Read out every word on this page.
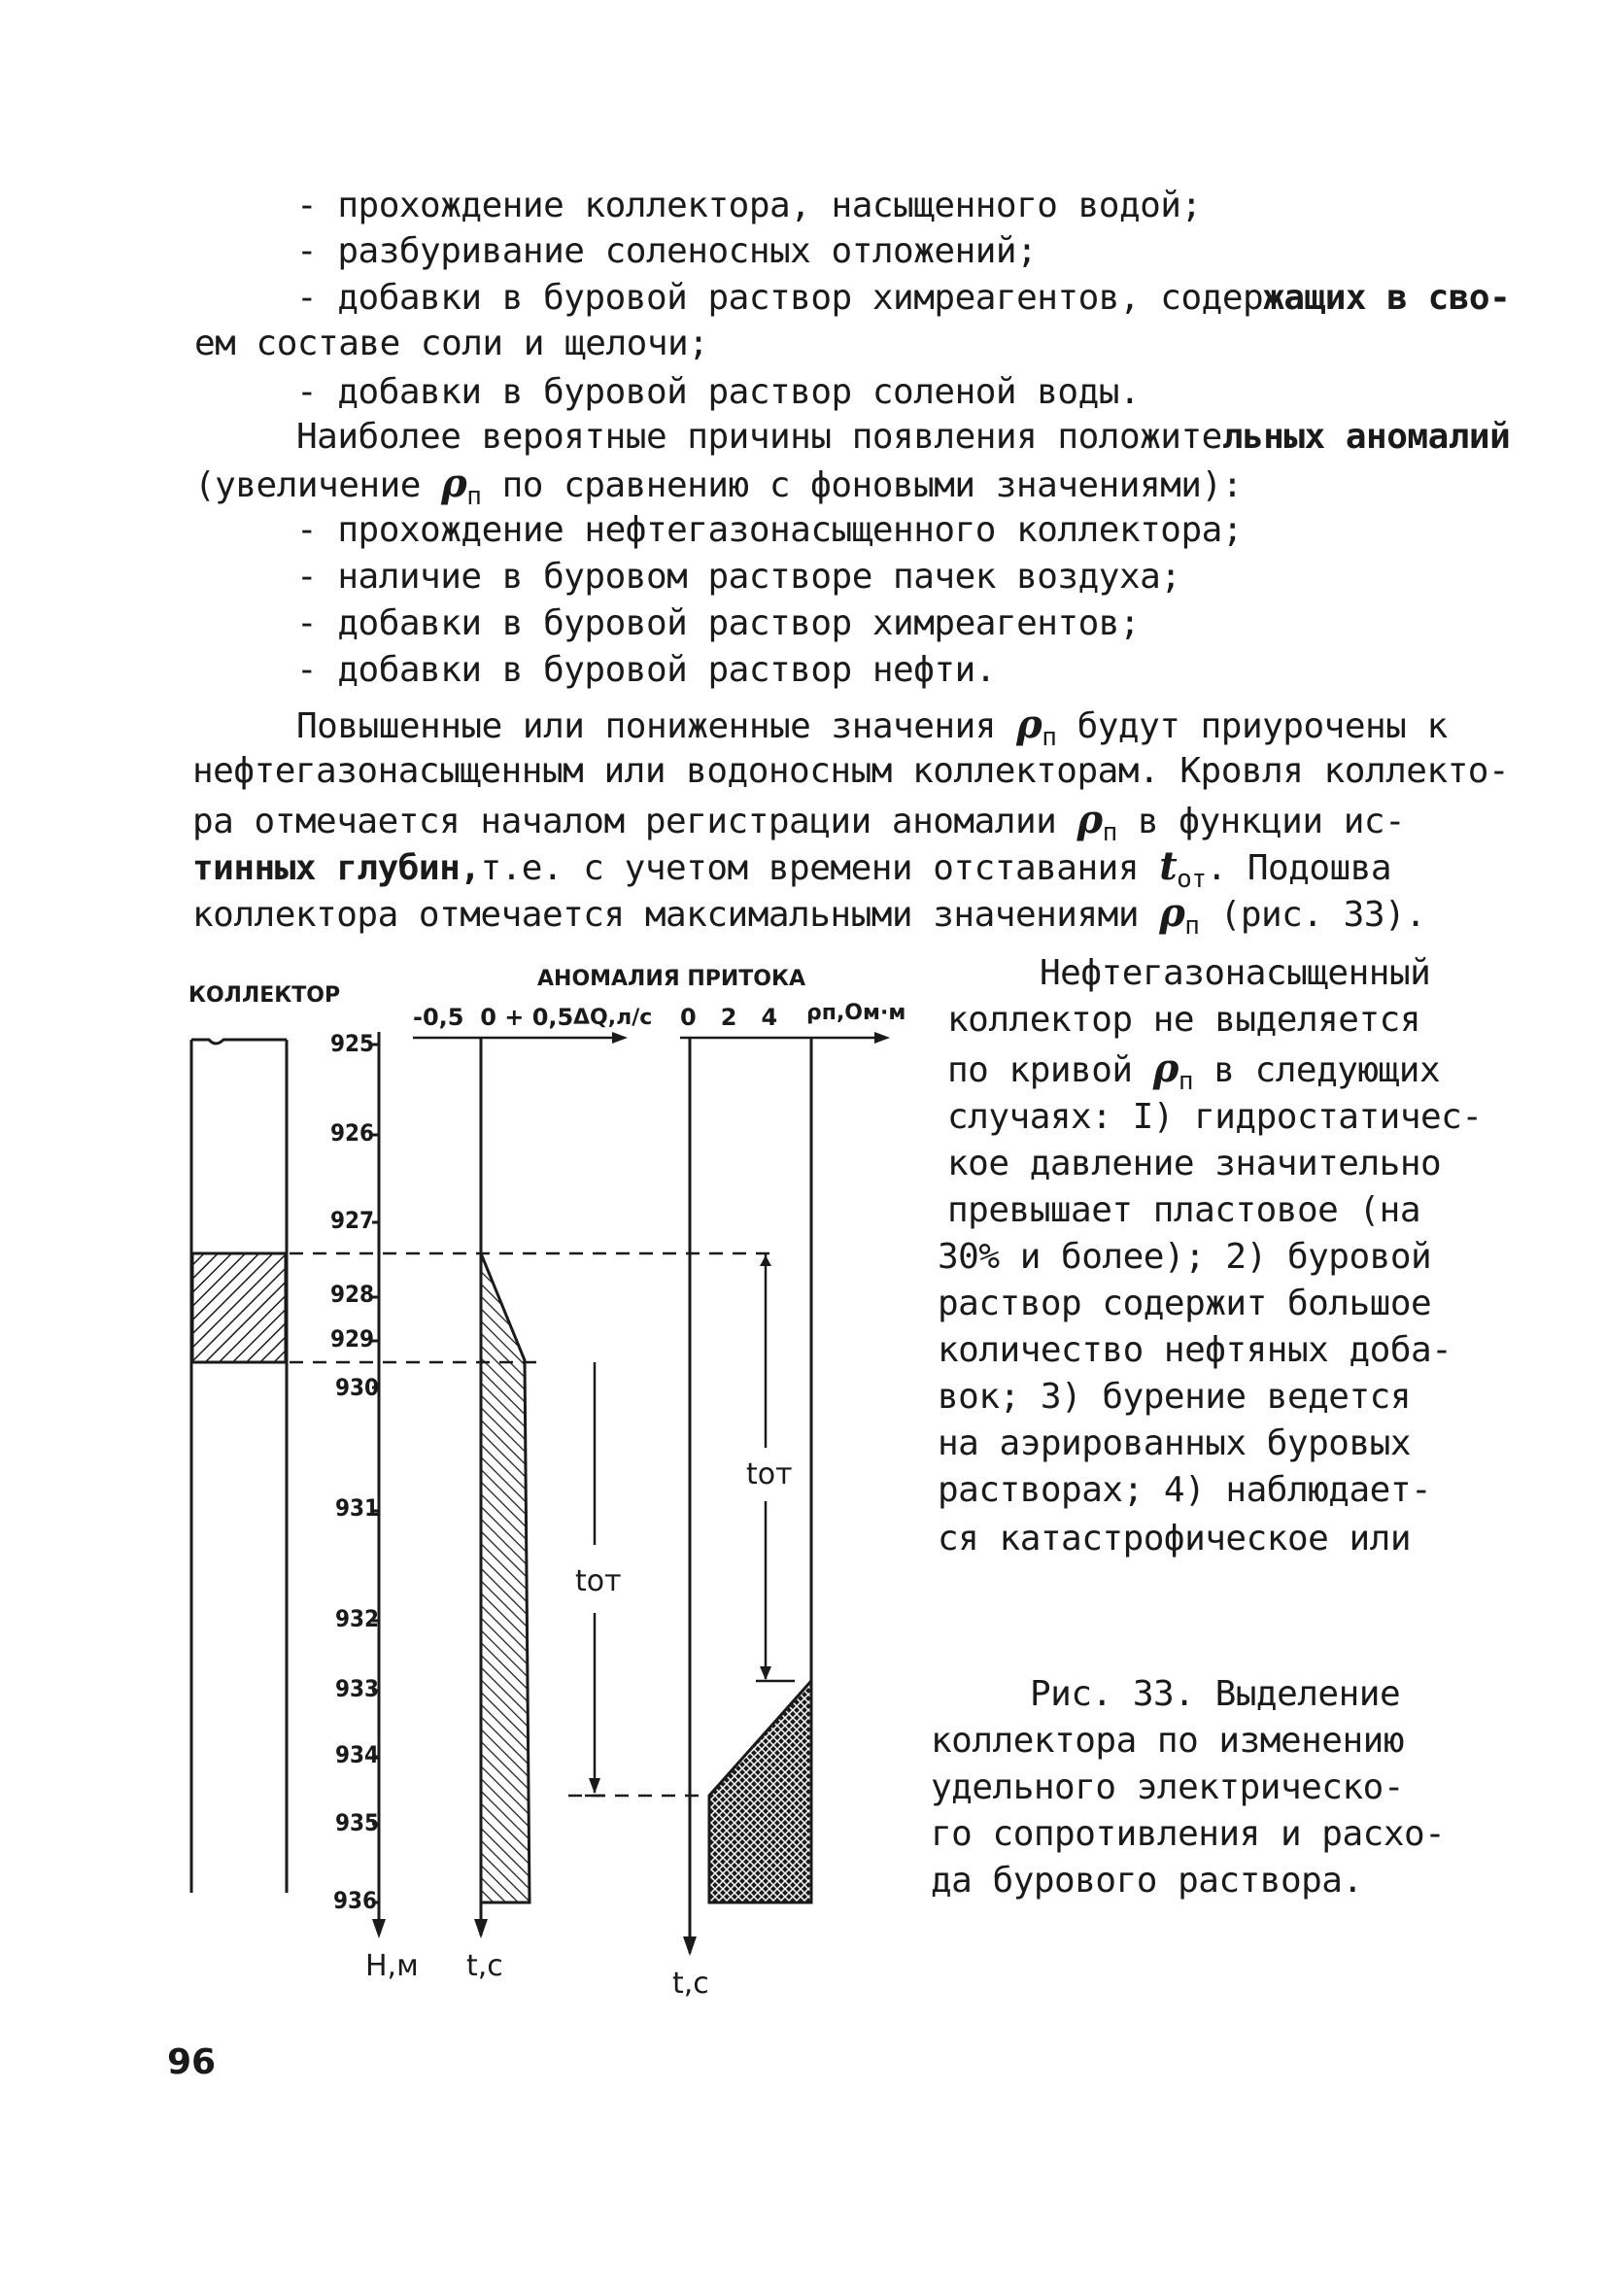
- прохождение коллектора, насыщенного водой;
- разбуривание соленосных отложений;
- добавки в буровой раствор химреагентов, содержащих в сво-
ем составе соли и щелочи;
- добавки в буровой раствор соленой воды.
Наиболее вероятные причины появления положительных аномалий
(увеличение $\rho_п$ по сравнению с фоновыми значениями):
- прохождение нефтегазонасыщенного коллектора;
- наличие в буровом растворе пачек воздуха;
- добавки в буровой раствор химреагентов;
- добавки в буровой раствор нефти.
Повышенные или пониженные значения $\rho_п$ будут приурочены к
нефтегазонасыщенным или водоносным коллекторам. Кровля коллекто-
ра отмечается началом регистрации аномалии $\rho_п$ в функции ис-
тинных глубин,т.е. с учетом времени отставания $t_{от}$. Подошва
коллектора отмечается максимальными значениями $\rho_п$ (рис. 33).
Нефтегазонасыщенный
коллектор не выделяется
по кривой $\rho_п$ в следующих
случаях: I) гидростатичес-
кое давление значительно
превышает пластовое (на
30% и более); 2) буровой
раствор содержит большое
количество нефтяных доба-
вок; 3) бурение ведется
на аэрированных буровых
растворах; 4) наблюдает-
ся катастрофическое или
Рис. 33. Выделение
коллектора по изменению
удельного электрическо-
го сопротивления и расхо-
да бурового раствора.
КОЛЛЕКТОР
АНОМАЛИЯ ПРИТОКА
-0,5  0 + 0,5 ΔQ,л/с 0   2   4 ρп,Ом·м
925
926
927
928
929
930
931
932
933
934
935
936
Н,м t,с
t,с
tот
tот
96
